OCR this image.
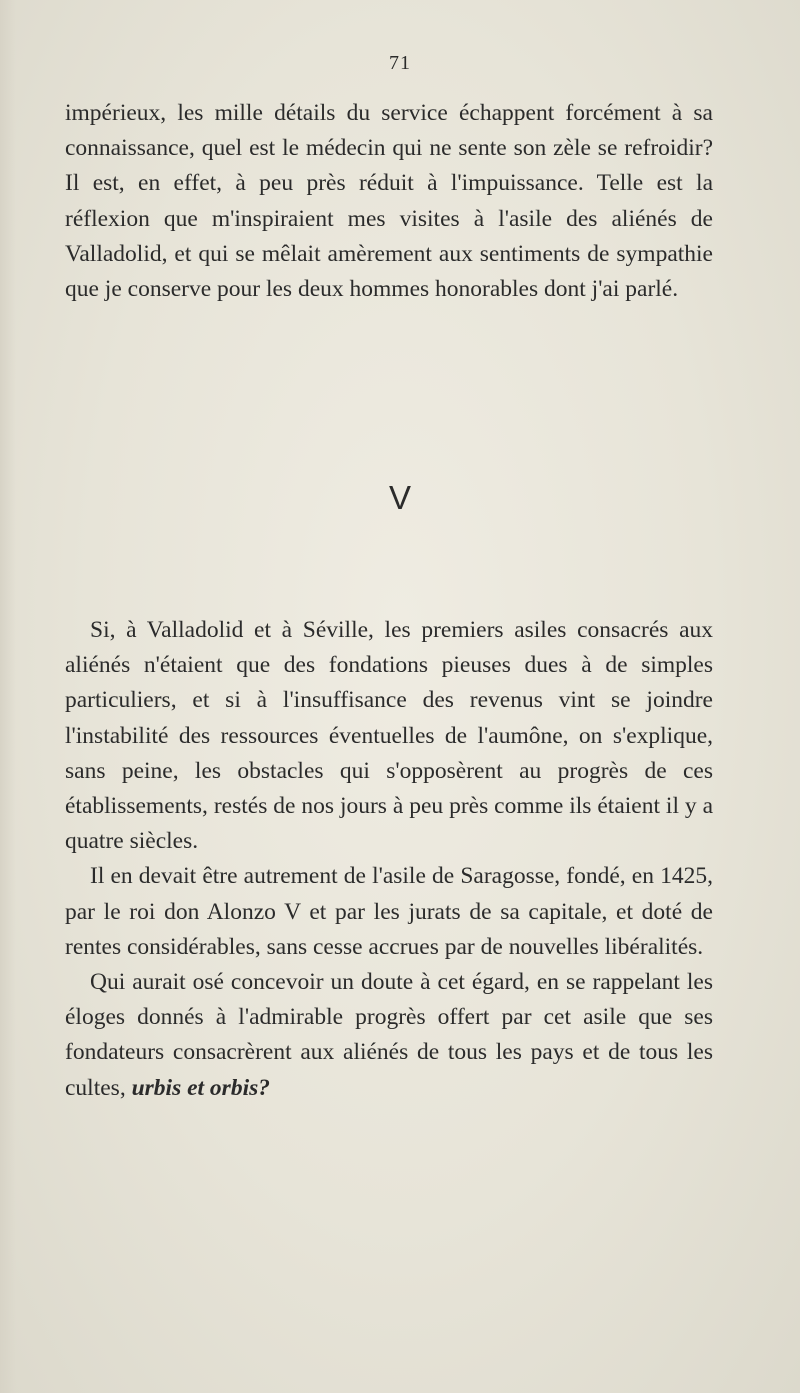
71

impérieux, les mille détails du service échappent forcément à sa connaissance, quel est le médecin qui ne sente son zèle se refroidir? Il est, en effet, à peu près réduit à l'impuissance. Telle est la réflexion que m'inspiraient mes visites à l'asile des aliénés de Valladolid, et qui se mêlait amèrement aux sentiments de sympathie que je conserve pour les deux hommes honorables dont j'ai parlé.

V

Si, à Valladolid et à Séville, les premiers asiles consacrés aux aliénés n'étaient que des fondations pieuses dues à de simples particuliers, et si à l'insuffisance des revenus vint se joindre l'instabilité des ressources éventuelles de l'aumône, on s'explique, sans peine, les obstacles qui s'opposèrent au progrès de ces établissements, restés de nos jours à peu près comme ils étaient il y a quatre siècles.

Il en devait être autrement de l'asile de Saragosse, fondé, en 1425, par le roi don Alonzo V et par les jurats de sa capitale, et doté de rentes considérables, sans cesse accrues par de nouvelles libéralités.

Qui aurait osé concevoir un doute à cet égard, en se rappelant les éloges donnés à l'admirable progrès offert par cet asile que ses fondateurs consacrèrent aux aliénés de tous les pays et de tous les cultes, urbis et orbis?
